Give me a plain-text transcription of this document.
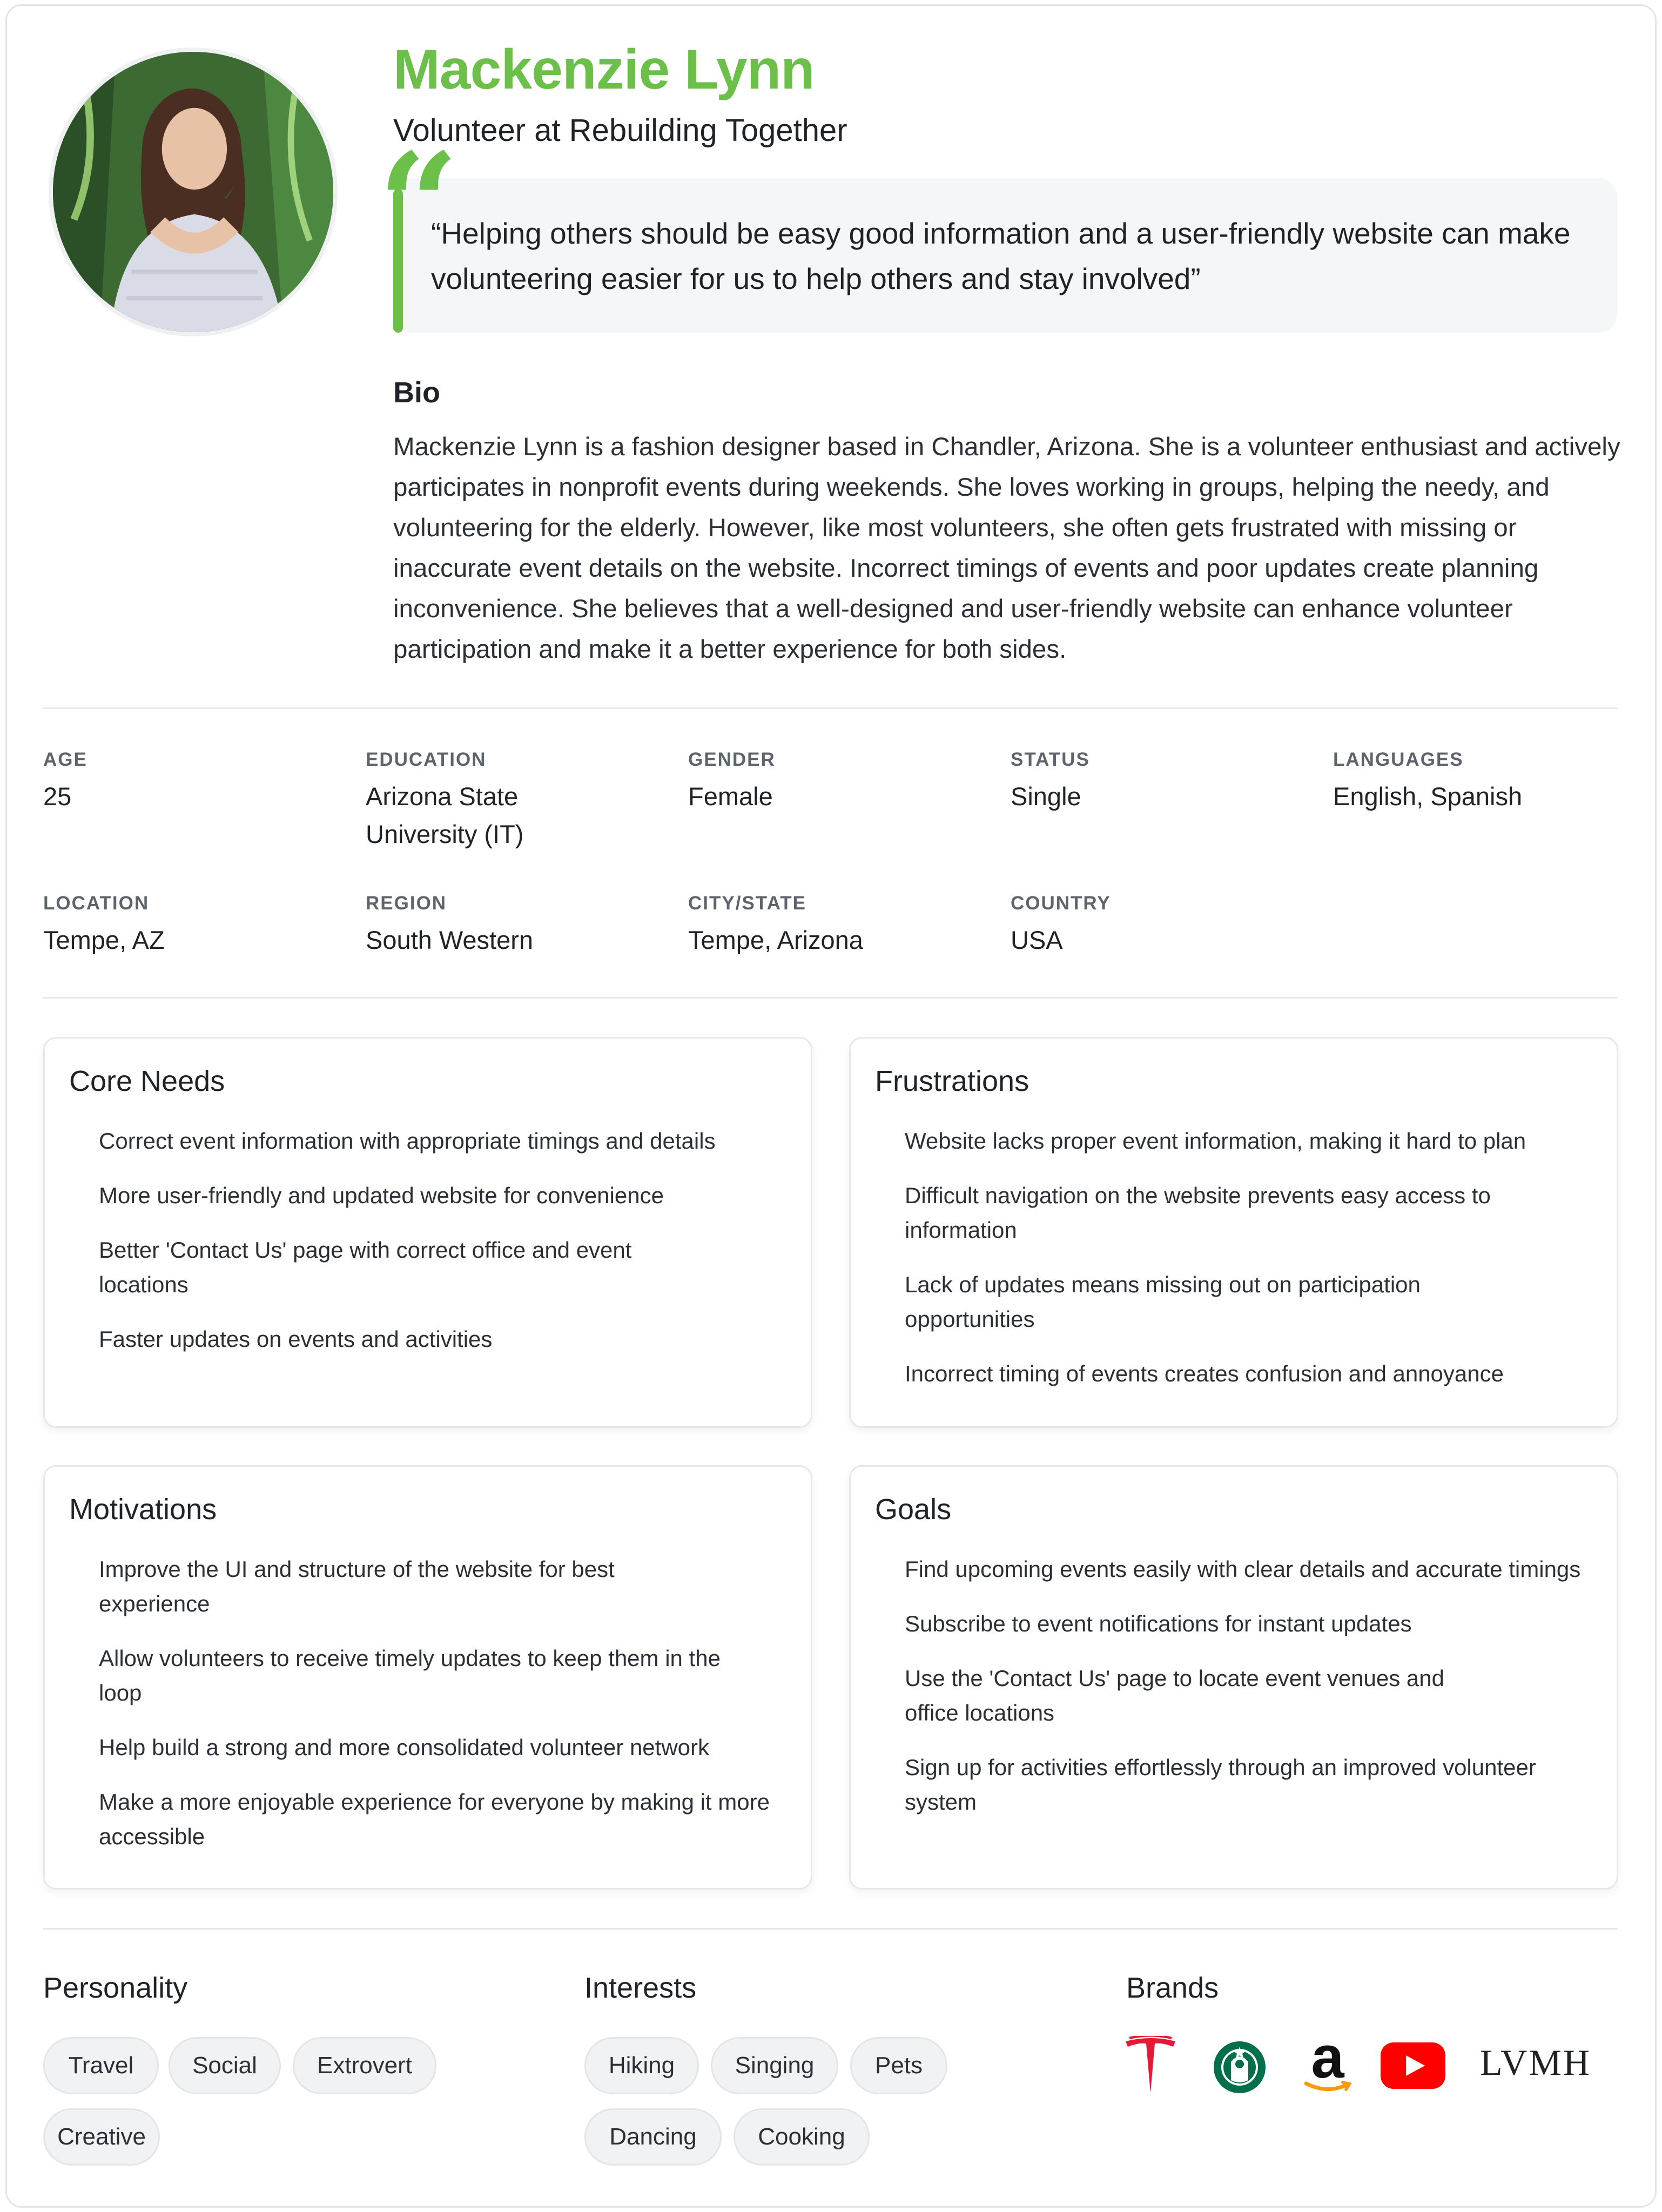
Mackenzie Lynn
Volunteer at Rebuilding Together
“
“Helping others should be easy good information and a user-friendly website can make volunteering easier for us to help others and stay involved”
Bio
Mackenzie Lynn is a fashion designer based in Chandler, Arizona. She is a volunteer enthusiast and actively participates in nonprofit events during weekends. She loves working in groups, helping the needy, and volunteering for the elderly. However, like most volunteers, she often gets frustrated with missing or inaccurate event details on the website. Incorrect timings of events and poor updates create planning inconvenience. She believes that a well-designed and user-friendly website can enhance volunteer participation and make it a better experience for both sides.
AGE
25
EDUCATION
Arizona State University (IT)
GENDER
Female
STATUS
Single
LANGUAGES
English, Spanish
LOCATION
Tempe, AZ
REGION
South Western
CITY/STATE
Tempe, Arizona
COUNTRY
USA
Core Needs
Correct event information with appropriate timings and details
More user-friendly and updated website for convenience
Better 'Contact Us' page with correct office and event locations
Faster updates on events and activities
Frustrations
Website lacks proper event information, making it hard to plan
Difficult navigation on the website prevents easy access to information
Lack of updates means missing out on participation opportunities
Incorrect timing of events creates confusion and annoyance
Motivations
Improve the UI and structure of the website for best experience
Allow volunteers to receive timely updates to keep them in the loop
Help build a strong and more consolidated volunteer network
Make a more enjoyable experience for everyone by making it more accessible
Goals
Find upcoming events easily with clear details and accurate timings
Subscribe to event notifications for instant updates
Use the 'Contact Us' page to locate event venues and office locations
Sign up for activities effortlessly through an improved volunteer system
Personality
Travel	Social	Extrovert
Creative
Interests
Hiking	Singing	Pets
Dancing	Cooking
Brands
a	LVMH
